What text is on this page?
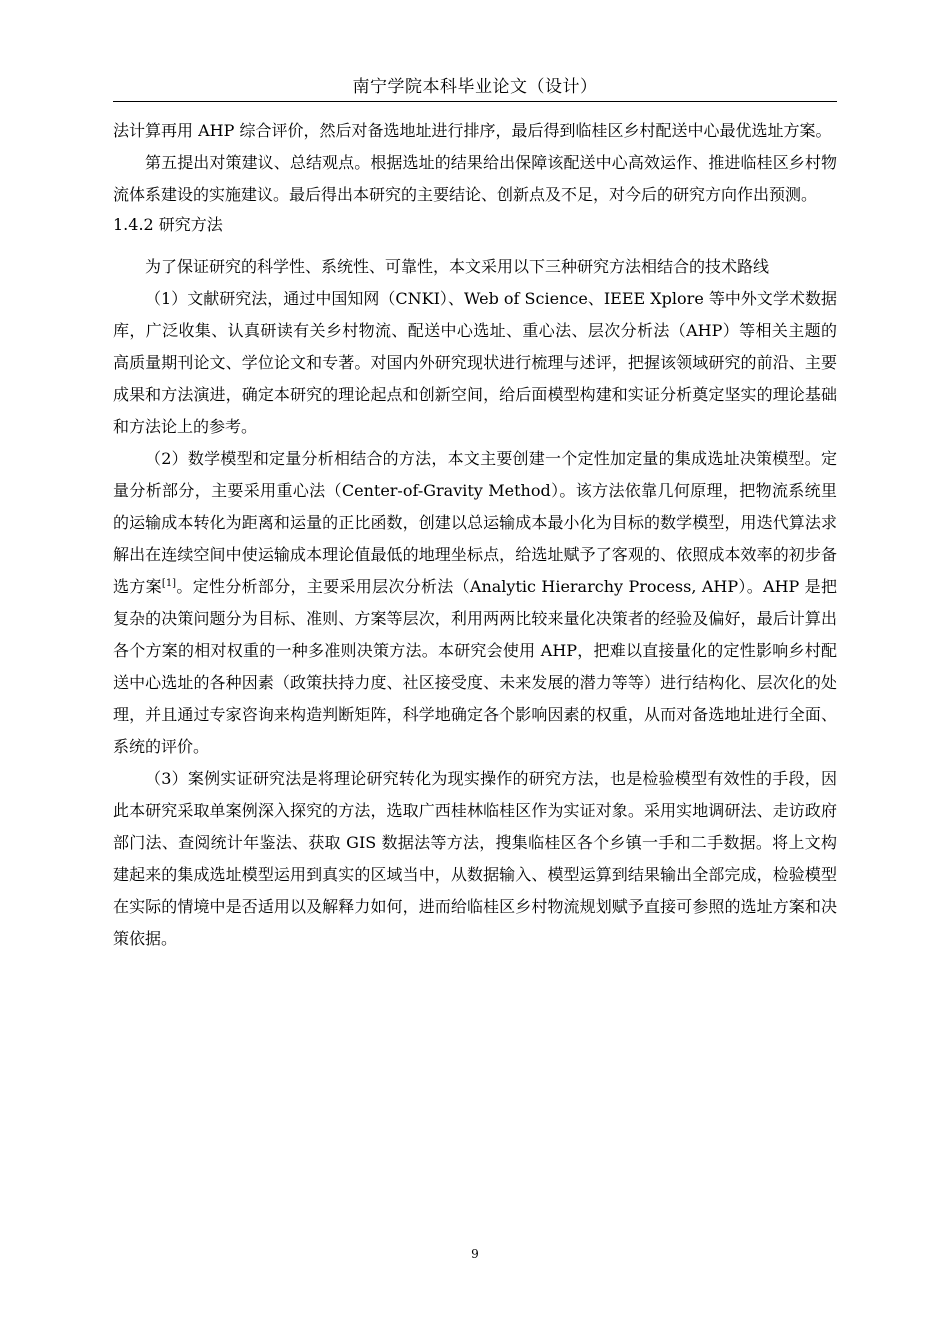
南宁学院本科毕业论文（设计）

法计算再用 AHP 综合评价，然后对备选地址进行排序，最后得到临桂区乡村配送中心最优选址方案。

第五提出对策建议、总结观点。根据选址的结果给出保障该配送中心高效运作、推进临桂区乡村物流体系建设的实施建议。最后得出本研究的主要结论、创新点及不足，对今后的研究方向作出预测。

1.4.2 研究方法

为了保证研究的科学性、系统性、可靠性，本文采用以下三种研究方法相结合的技术路线

（1）文献研究法，通过中国知网（CNKI）、Web of Science、IEEE Xplore 等中外文学术数据库，广泛收集、认真研读有关乡村物流、配送中心选址、重心法、层次分析法（AHP）等相关主题的高质量期刊论文、学位论文和专著。对国内外研究现状进行梳理与述评，把握该领域研究的前沿、主要成果和方法演进，确定本研究的理论起点和创新空间，给后面模型构建和实证分析奠定坚实的理论基础和方法论上的参考。

（2）数学模型和定量分析相结合的方法，本文主要创建一个定性加定量的集成选址决策模型。定量分析部分，主要采用重心法（Center-of-Gravity Method）。该方法依靠几何原理，把物流系统里的运输成本转化为距离和运量的正比函数，创建以总运输成本最小化为目标的数学模型，用迭代算法求解出在连续空间中使运输成本理论值最低的地理坐标点，给选址赋予了客观的、依照成本效率的初步备选方案[1]。定性分析部分，主要采用层次分析法（Analytic Hierarchy Process, AHP）。AHP 是把复杂的决策问题分为目标、准则、方案等层次，利用两两比较来量化决策者的经验及偏好，最后计算出各个方案的相对权重的一种多准则决策方法。本研究会使用 AHP，把难以直接量化的定性影响乡村配送中心选址的各种因素（政策扶持力度、社区接受度、未来发展的潜力等等）进行结构化、层次化的处理，并且通过专家咨询来构造判断矩阵，科学地确定各个影响因素的权重，从而对备选地址进行全面、系统的评价。

（3）案例实证研究法是将理论研究转化为现实操作的研究方法，也是检验模型有效性的手段，因此本研究采取单案例深入探究的方法，选取广西桂林临桂区作为实证对象。采用实地调研法、走访政府部门法、查阅统计年鉴法、获取 GIS 数据法等方法，搜集临桂区各个乡镇一手和二手数据。将上文构建起来的集成选址模型运用到真实的区域当中，从数据输入、模型运算到结果输出全部完成，检验模型在实际的情境中是否适用以及解释力如何，进而给临桂区乡村物流规划赋予直接可参照的选址方案和决策依据。

9
